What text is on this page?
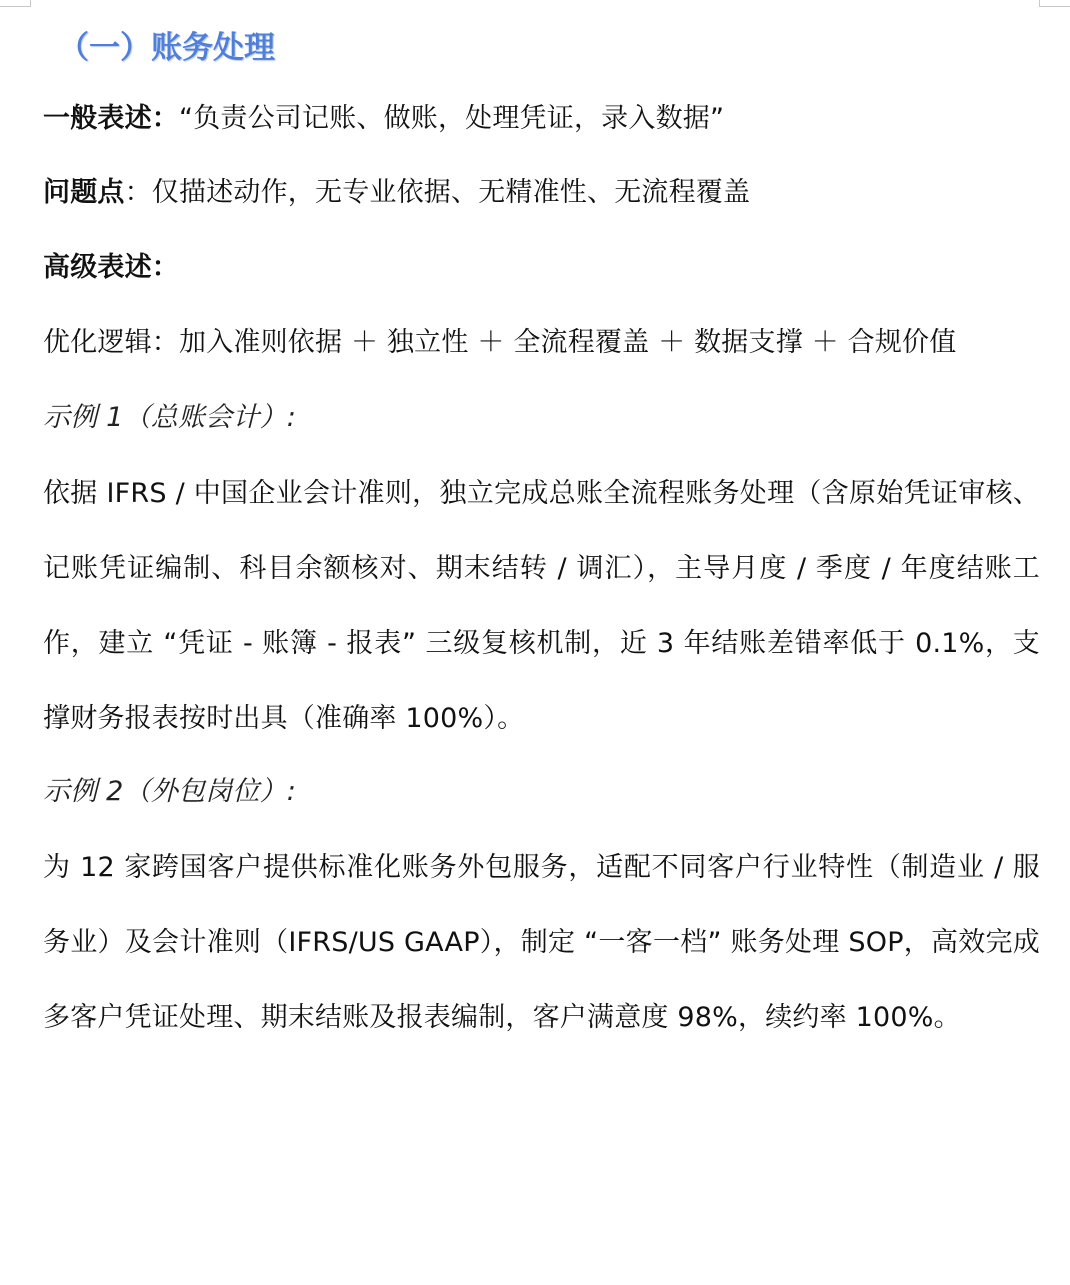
（一）账务处理
一般表述：“负责公司记账、做账，处理凭证，录入数据”
问题点：仅描述动作，无专业依据、无精准性、无流程覆盖
高级表述：
优化逻辑：加入准则依据 ＋ 独立性 ＋ 全流程覆盖 ＋ 数据支撑 ＋ 合规价值
示例 1（总账会计）:
依据 IFRS / 中国企业会计准则，独立完成总账全流程账务处理（含原始凭证审核、记账凭证编制、科目余额核对、期末结转 / 调汇），主导月度 / 季度 / 年度结账工作，建立 “凭证 - 账簿 - 报表” 三级复核机制，近 3 年结账差错率低于 0.1%，支撑财务报表按时出具（准确率 100%）。
示例 2（外包岗位）:
为 12 家跨国客户提供标准化账务外包服务，适配不同客户行业特性（制造业 / 服务业）及会计准则（IFRS/US GAAP），制定 “一客一档” 账务处理 SOP，高效完成多客户凭证处理、期末结账及报表编制，客户满意度 98%，续约率 100%。
